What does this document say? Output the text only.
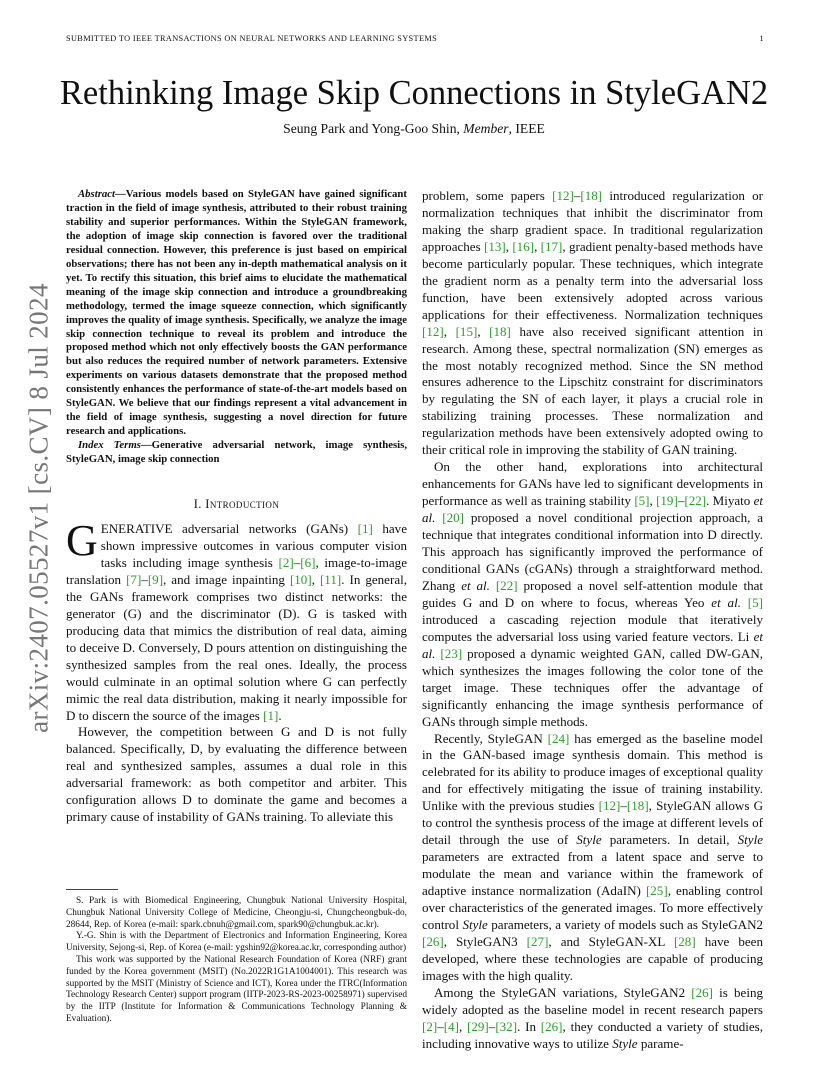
SUBMITTED TO IEEE TRANSACTIONS ON NEURAL NETWORKS AND LEARNING SYSTEMS	1
arXiv:2407.05527v1 [cs.CV] 8 Jul 2024
Rethinking Image Skip Connections in StyleGAN2
Seung Park and Yong-Goo Shin, Member, IEEE

Abstract—Various models based on StyleGAN have gained significant traction in the field of image synthesis, attributed to their robust training stability and superior performances. Within the StyleGAN framework, the adoption of image skip connection is favored over the traditional residual connection. However, this preference is just based on empirical observations; there has not been any in-depth mathematical analysis on it yet. To rectify this situation, this brief aims to elucidate the mathematical meaning of the image skip connection and introduce a groundbreaking methodology, termed the image squeeze connection, which significantly improves the quality of image synthesis. Specifically, we analyze the image skip connection technique to reveal its problem and introduce the proposed method which not only effectively boosts the GAN performance but also reduces the required number of network parameters. Extensive experiments on various datasets demonstrate that the proposed method consistently enhances the performance of state-of-the-art models based on StyleGAN. We believe that our findings represent a vital advancement in the field of image synthesis, suggesting a novel direction for future research and applications.

Index Terms—Generative adversarial network, image synthesis, StyleGAN, image skip connection

I. Introduction

GENERATIVE adversarial networks (GANs) [1] have shown impressive outcomes in various computer vision tasks including image synthesis [2]–[6], image-to-image translation [7]–[9], and image inpainting [10], [11]. In general, the GANs framework comprises two distinct networks: the generator (G) and the discriminator (D). G is tasked with producing data that mimics the distribution of real data, aiming to deceive D. Conversely, D pours attention on distinguishing the synthesized samples from the real ones. Ideally, the process would culminate in an optimal solution where G can perfectly mimic the real data distribution, making it nearly impossible for D to discern the source of the images [1].

However, the competition between G and D is not fully balanced. Specifically, D, by evaluating the difference between real and synthesized samples, assumes a dual role in this adversarial framework: as both competitor and arbiter. This configuration allows D to dominate the game and becomes a primary cause of instability of GANs training. To alleviate this

S. Park is with Biomedical Engineering, Chungbuk National University Hospital, Chungbuk National University College of Medicine, Cheongju-si, Chungcheongbuk-do, 28644, Rep. of Korea (e-mail: spark.cbnuh@gmail.com, spark90@chungbuk.ac.kr).

Y.-G. Shin is with the Department of Electronics and Information Engineering, Korea University, Sejong-si, Rep. of Korea (e-mail: ygshin92@korea.ac.kr, corresponding author)

This work was supported by the National Research Foundation of Korea (NRF) grant funded by the Korea government (MSIT) (No.2022R1G1A1004001). This research was supported by the MSIT (Ministry of Science and ICT), Korea under the ITRC(Information Technology Research Center) support program (IITP-2023-RS-2023-00258971) supervised by the IITP (Institute for Information & Communications Technology Planning & Evaluation).

problem, some papers [12]–[18] introduced regularization or normalization techniques that inhibit the discriminator from making the sharp gradient space. In traditional regularization approaches [13], [16], [17], gradient penalty-based methods have become particularly popular. These techniques, which integrate the gradient norm as a penalty term into the adversarial loss function, have been extensively adopted across various applications for their effectiveness. Normalization techniques [12], [15], [18] have also received significant attention in research. Among these, spectral normalization (SN) emerges as the most notably recognized method. Since the SN method ensures adherence to the Lipschitz constraint for discriminators by regulating the SN of each layer, it plays a crucial role in stabilizing training processes. These normalization and regularization methods have been extensively adopted owing to their critical role in improving the stability of GAN training.

On the other hand, explorations into architectural enhancements for GANs have led to significant developments in performance as well as training stability [5], [19]–[22]. Miyato et al. [20] proposed a novel conditional projection approach, a technique that integrates conditional information into D directly. This approach has significantly improved the performance of conditional GANs (cGANs) through a straightforward method. Zhang et al. [22] proposed a novel self-attention module that guides G and D on where to focus, whereas Yeo et al. [5] introduced a cascading rejection module that iteratively computes the adversarial loss using varied feature vectors. Li et al. [23] proposed a dynamic weighted GAN, called DW-GAN, which synthesizes the images following the color tone of the target image. These techniques offer the advantage of significantly enhancing the image synthesis performance of GANs through simple methods.

Recently, StyleGAN [24] has emerged as the baseline model in the GAN-based image synthesis domain. This method is celebrated for its ability to produce images of exceptional quality and for effectively mitigating the issue of training instability. Unlike with the previous studies [12]–[18], StyleGAN allows G to control the synthesis process of the image at different levels of detail through the use of Style parameters. In detail, Style parameters are extracted from a latent space and serve to modulate the mean and variance within the framework of adaptive instance normalization (AdaIN) [25], enabling control over characteristics of the generated images. To more effectively control Style parameters, a variety of models such as StyleGAN2 [26], StyleGAN3 [27], and StyleGAN-XL [28] have been developed, where these technologies are capable of producing images with the high quality.

Among the StyleGAN variations, StyleGAN2 [26] is being widely adopted as the baseline model in recent research papers [2]–[4], [29]–[32]. In [26], they conducted a variety of studies, including innovative ways to utilize Style parame-
